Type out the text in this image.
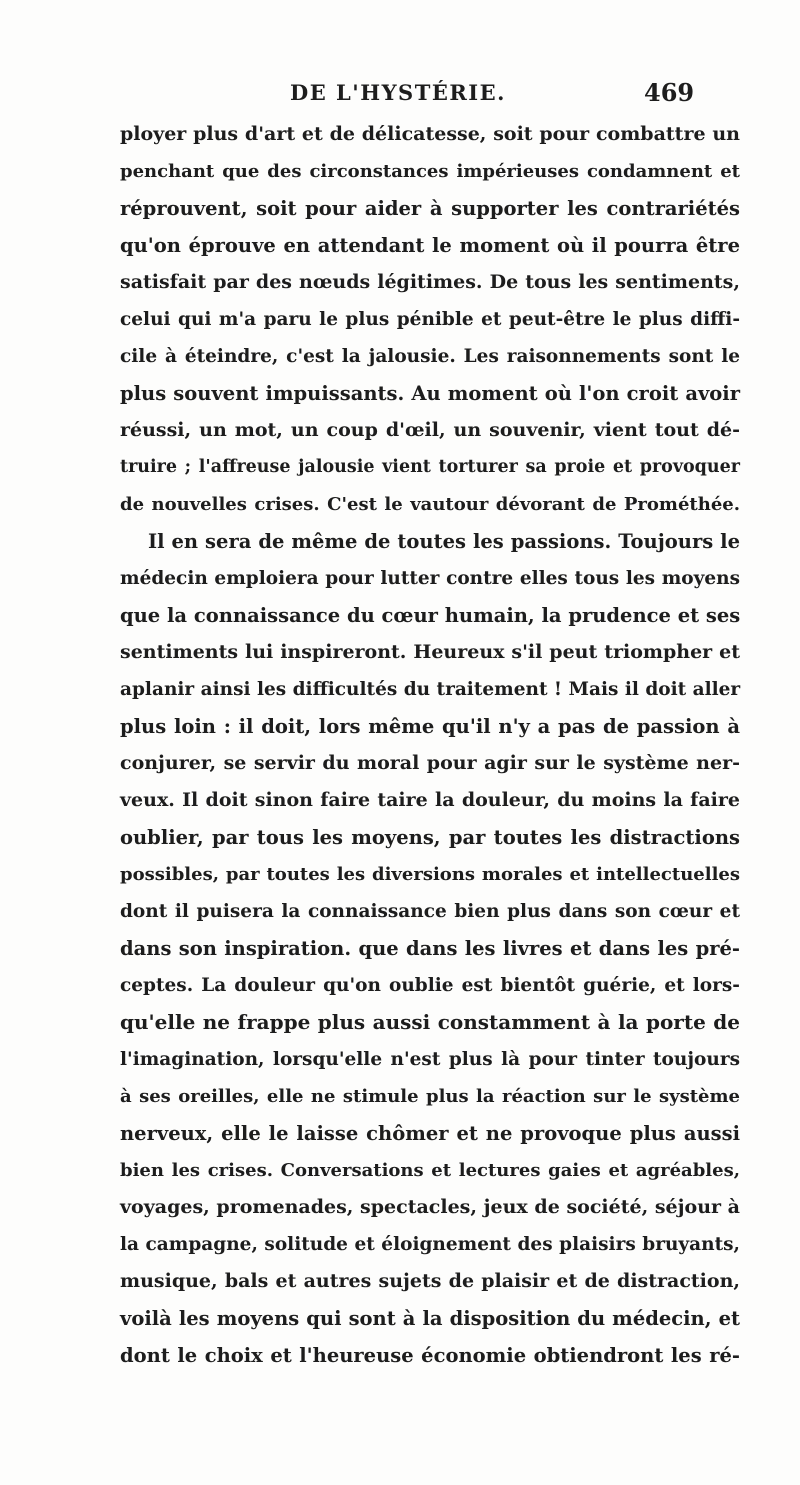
DE L'HYSTÉRIE.	469
ployer plus d'art et de délicatesse, soit pour combattre un
penchant que des circonstances impérieuses condamnent et
réprouvent, soit pour aider à supporter les contrariétés
qu'on éprouve en attendant le moment où il pourra être
satisfait par des nœuds légitimes. De tous les sentiments,
celui qui m'a paru le plus pénible et peut-être le plus diffi-
cile à éteindre, c'est la jalousie. Les raisonnements sont le
plus souvent impuissants. Au moment où l'on croit avoir
réussi, un mot, un coup d'œil, un souvenir, vient tout dé-
truire ; l'affreuse jalousie vient torturer sa proie et provoquer
de nouvelles crises. C'est le vautour dévorant de Prométhée.
Il en sera de même de toutes les passions. Toujours le
médecin emploiera pour lutter contre elles tous les moyens
que la connaissance du cœur humain, la prudence et ses
sentiments lui inspireront. Heureux s'il peut triompher et
aplanir ainsi les difficultés du traitement ! Mais il doit aller
plus loin : il doit, lors même qu'il n'y a pas de passion à
conjurer, se servir du moral pour agir sur le système ner-
veux. Il doit sinon faire taire la douleur, du moins la faire
oublier, par tous les moyens, par toutes les distractions
possibles, par toutes les diversions morales et intellectuelles
dont il puisera la connaissance bien plus dans son cœur et
dans son inspiration. que dans les livres et dans les pré-
ceptes. La douleur qu'on oublie est bientôt guérie, et lors-
qu'elle ne frappe plus aussi constamment à la porte de
l'imagination, lorsqu'elle n'est plus là pour tinter toujours
à ses oreilles, elle ne stimule plus la réaction sur le système
nerveux, elle le laisse chômer et ne provoque plus aussi
bien les crises. Conversations et lectures gaies et agréables,
voyages, promenades, spectacles, jeux de société, séjour à
la campagne, solitude et éloignement des plaisirs bruyants,
musique, bals et autres sujets de plaisir et de distraction,
voilà les moyens qui sont à la disposition du médecin, et
dont le choix et l'heureuse économie obtiendront les ré-
